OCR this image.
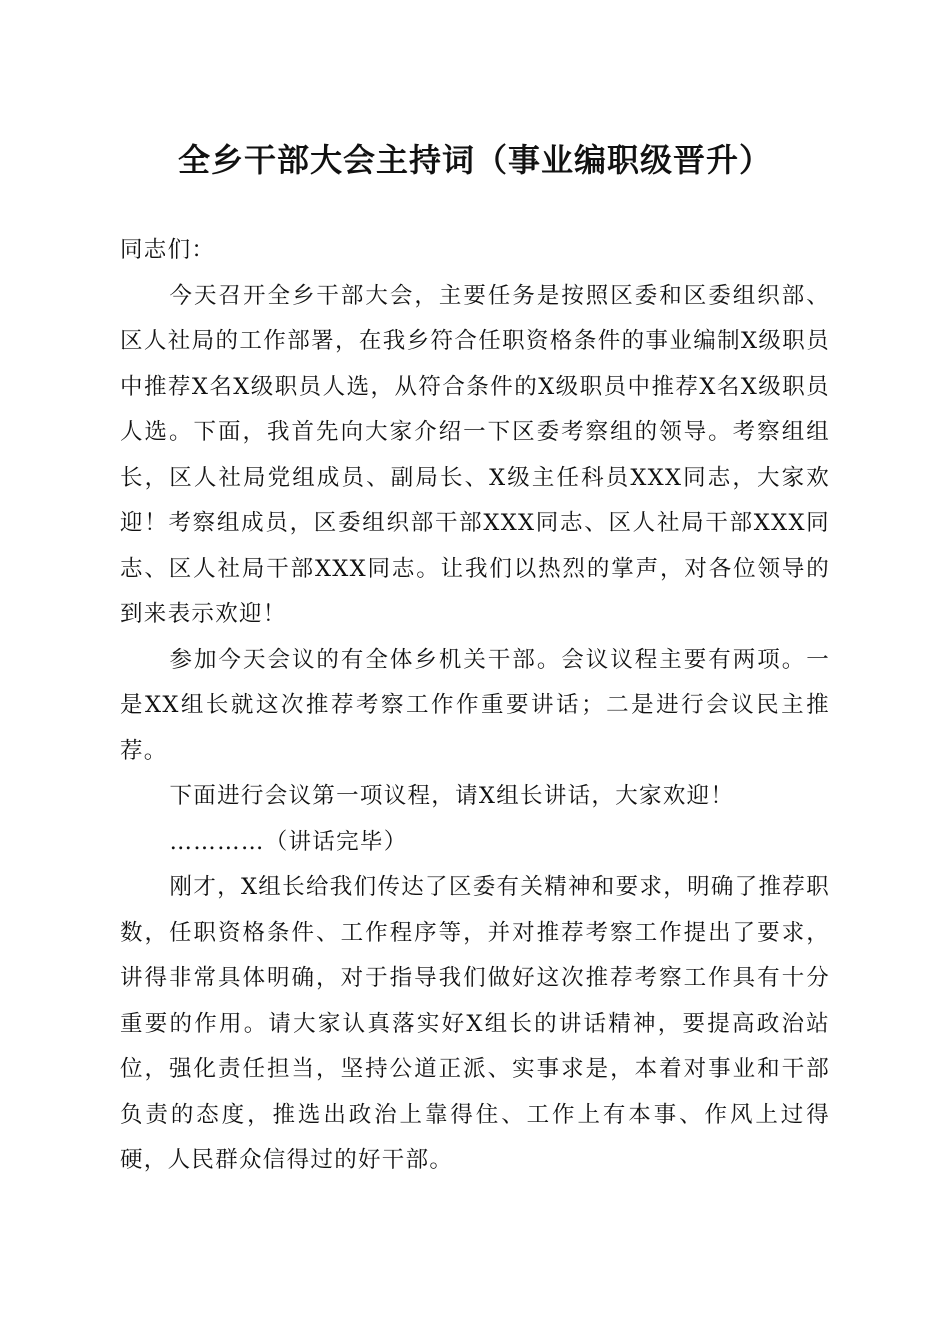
全乡干部大会主持词（事业编职级晋升）

同志们：

今天召开全乡干部大会，主要任务是按照区委和区委组织部、区人社局的工作部署，在我乡符合任职资格条件的事业编制X级职员中推荐X名X级职员人选，从符合条件的X级职员中推荐X名X级职员人选。下面，我首先向大家介绍一下区委考察组的领导。考察组组长，区人社局党组成员、副局长、X级主任科员XXX同志，大家欢迎！考察组成员，区委组织部干部XXX同志、区人社局干部XXX同志、区人社局干部XXX同志。让我们以热烈的掌声，对各位领导的到来表示欢迎！

参加今天会议的有全体乡机关干部。会议议程主要有两项。一是XX组长就这次推荐考察工作作重要讲话；二是进行会议民主推荐。

下面进行会议第一项议程，请X组长讲话，大家欢迎！

…………（讲话完毕）

刚才，X组长给我们传达了区委有关精神和要求，明确了推荐职数，任职资格条件、工作程序等，并对推荐考察工作提出了要求，讲得非常具体明确，对于指导我们做好这次推荐考察工作具有十分重要的作用。请大家认真落实好X组长的讲话精神，要提高政治站位，强化责任担当，坚持公道正派、实事求是，本着对事业和干部负责的态度，推选出政治上靠得住、工作上有本事、作风上过得硬，人民群众信得过的好干部。
